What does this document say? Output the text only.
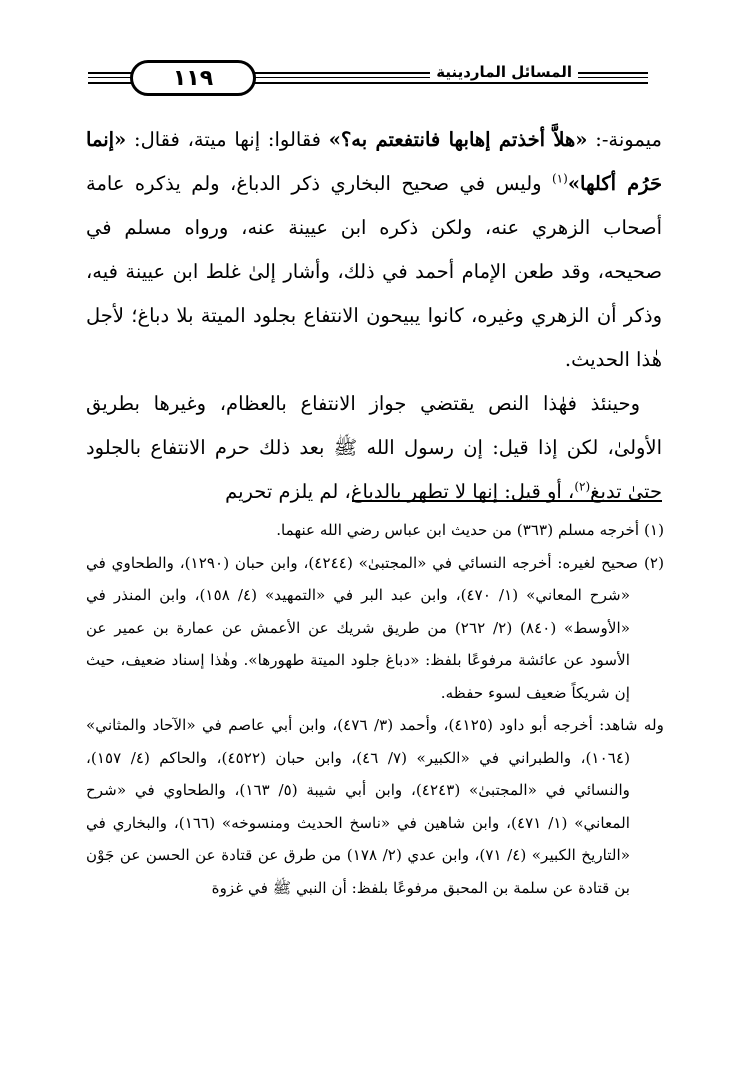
١١٩	المسائل الماردينية

ميمونة-: «هلاَّ أخذتم إهابها فانتفعتم به؟» فقالوا: إنها ميتة، فقال: «إنما حَرُم أكلها»$^{(١)}$ وليس في صحيح البخاري ذكر الدباغ، ولم يذكره عامة أصحاب الزهري عنه، ولكن ذكره ابن عيينة عنه، ورواه مسلم في صحيحه، وقد طعن الإمام أحمد في ذلك، وأشار إلىٰ غلط ابن عيينة فيه، وذكر أن الزهري وغيره، كانوا يبيحون الانتفاع بجلود الميتة بلا دباغ؛ لأجل هٰذا الحديث.

وحينئذ فهٰذا النص يقتضي جواز الانتفاع بالعظام، وغيرها بطريق الأولىٰ، لكن إذا قيل: إن رسول الله ﷺ بعد ذلك حرم الانتفاع بالجلود حتىٰ تدبغ$^{(٢)}$، أو قيل: إنها لا تطهر بالدباغ، لم يلزم تحريم

(١) أخرجه مسلم (٣٦٣) من حديث ابن عباس رضي الله عنهما.

(٢) صحيح لغيره: أخرجه النسائي في «المجتبىٰ» (٤٢٤٤)، وابن حبان (١٢٩٠)، والطحاوي في «شرح المعاني» (١/ ٤٧٠)، وابن عبد البر في «التمهيد» (٤/ ١٥٨)، وابن المنذر في «الأوسط» (٨٤٠) (٢/ ٢٦٢) من طريق شريك عن الأعمش عن عمارة بن عمير عن الأسود عن عائشة مرفوعًا بلفظ: «دباغ جلود الميتة طهورها». وهٰذا إسناد ضعيف، حيث إن شريكاً ضعيف لسوء حفظه.

وله شاهد: أخرجه أبو داود (٤١٢٥)، وأحمد (٣/ ٤٧٦)، وابن أبي عاصم في «الآحاد والمثاني» (١٠٦٤)، والطبراني في «الكبير» (٧/ ٤٦)، وابن حبان (٤٥٢٢)، والحاكم (٤/ ١٥٧)، والنسائي في «المجتبىٰ» (٤٢٤٣)، وابن أبي شيبة (٥/ ١٦٣)، والطحاوي في «شرح المعاني» (١/ ٤٧١)، وابن شاهين في «ناسخ الحديث ومنسوخه» (١٦٦)، والبخاري في «التاريخ الكبير» (٤/ ٧١)، وابن عدي (٢/ ١٧٨) من طرق عن قتادة عن الحسن عن جَوْن بن قتادة عن سلمة بن المحبق مرفوعًا بلفظ: أن النبي ﷺ في غزوة
